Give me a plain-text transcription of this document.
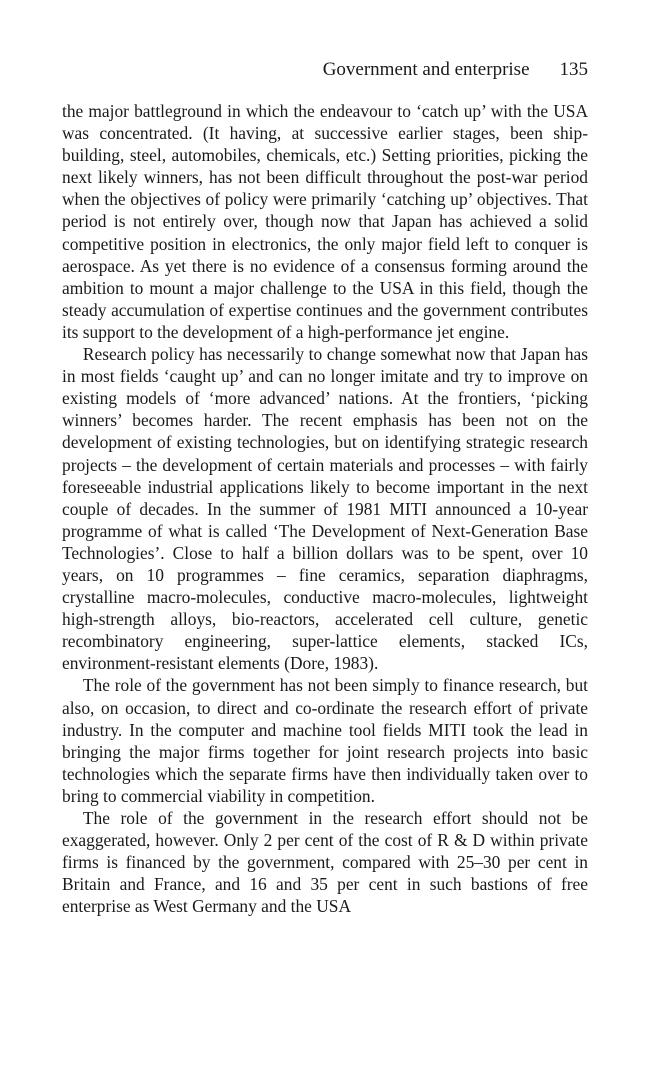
Government and enterprise 135

the major battleground in which the endeavour to ‘catch up’ with the USA was concentrated. (It having, at successive earlier stages, been ship-building, steel, automobiles, chemicals, etc.) Setting priorities, picking the next likely winners, has not been difficult throughout the post-war period when the objectives of policy were primarily ‘catching up’ objectives. That period is not entirely over, though now that Japan has achieved a solid competitive position in electronics, the only major field left to conquer is aerospace. As yet there is no evidence of a consensus forming around the ambition to mount a major challenge to the USA in this field, though the steady accumulation of expertise continues and the government contributes its support to the development of a high-performance jet engine.

Research policy has necessarily to change somewhat now that Japan has in most fields ‘caught up’ and can no longer imitate and try to improve on existing models of ‘more advanced’ nations. At the frontiers, ‘picking winners’ becomes harder. The recent emphasis has been not on the development of existing technologies, but on identifying strategic research projects – the development of certain materials and processes – with fairly foreseeable industrial applications likely to become important in the next couple of decades. In the summer of 1981 MITI announced a 10-year programme of what is called ‘The Development of Next-Generation Base Technologies’. Close to half a billion dollars was to be spent, over 10 years, on 10 programmes – fine ceramics, separation diaphragms, crystalline macro-molecules, conductive macro-molecules, lightweight high-strength alloys, bio-reactors, accelerated cell culture, genetic recombinatory engineering, super-lattice elements, stacked ICs, environment-resistant elements (Dore, 1983).

The role of the government has not been simply to finance research, but also, on occasion, to direct and co-ordinate the research effort of private industry. In the computer and machine tool fields MITI took the lead in bringing the major firms together for joint research projects into basic technologies which the separate firms have then individually taken over to bring to commercial viability in competition.

The role of the government in the research effort should not be exaggerated, however. Only 2 per cent of the cost of R & D within private firms is financed by the government, compared with 25–30 per cent in Britain and France, and 16 and 35 per cent in such bastions of free enterprise as West Germany and the USA
